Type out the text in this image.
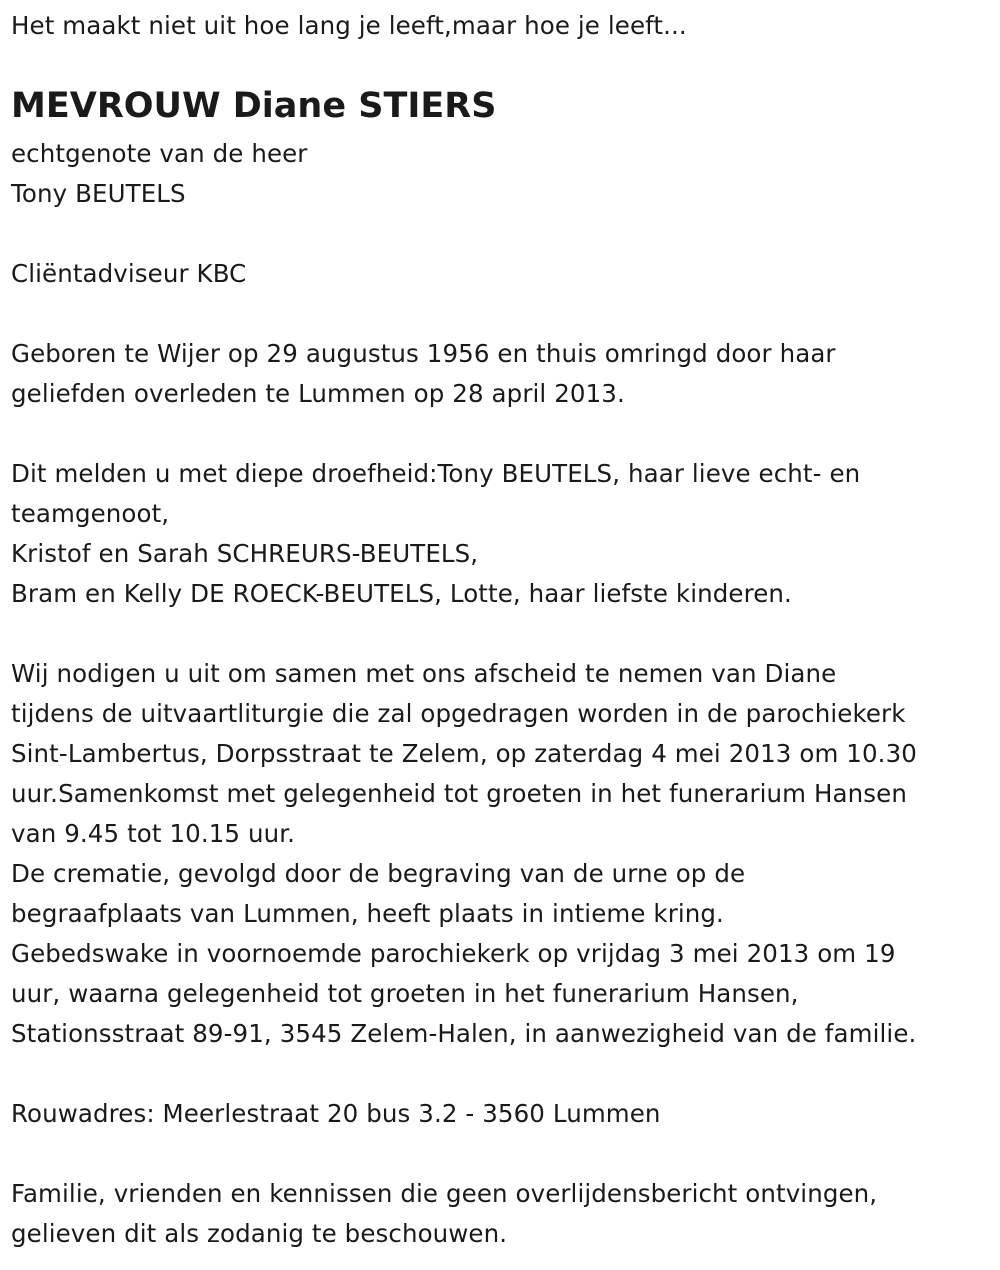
Het maakt niet uit hoe lang je leeft,maar hoe je leeft...
MEVROUW Diane STIERS
echtgenote van de heer
Tony BEUTELS
Cliëntadviseur KBC
Geboren te Wijer op 29 augustus 1956 en thuis omringd door haar
geliefden overleden te Lummen op 28 april 2013.
Dit melden u met diepe droefheid:Tony BEUTELS, haar lieve echt- en
teamgenoot,
Kristof en Sarah SCHREURS-BEUTELS,
Bram en Kelly DE ROECK-BEUTELS, Lotte, haar liefste kinderen.
Wij nodigen u uit om samen met ons afscheid te nemen van Diane
tijdens de uitvaartliturgie die zal opgedragen worden in de parochiekerk
Sint-Lambertus, Dorpsstraat te Zelem, op zaterdag 4 mei 2013 om 10.30
uur.Samenkomst met gelegenheid tot groeten in het funerarium Hansen
van 9.45 tot 10.15 uur.
De crematie, gevolgd door de begraving van de urne op de
begraafplaats van Lummen, heeft plaats in intieme kring.
Gebedswake in voornoemde parochiekerk op vrijdag 3 mei 2013 om 19
uur, waarna gelegenheid tot groeten in het funerarium Hansen,
Stationsstraat 89-91, 3545 Zelem-Halen, in aanwezigheid van de familie.
Rouwadres: Meerlestraat 20 bus 3.2 - 3560 Lummen
Familie, vrienden en kennissen die geen overlijdensbericht ontvingen,
gelieven dit als zodanig te beschouwen.
